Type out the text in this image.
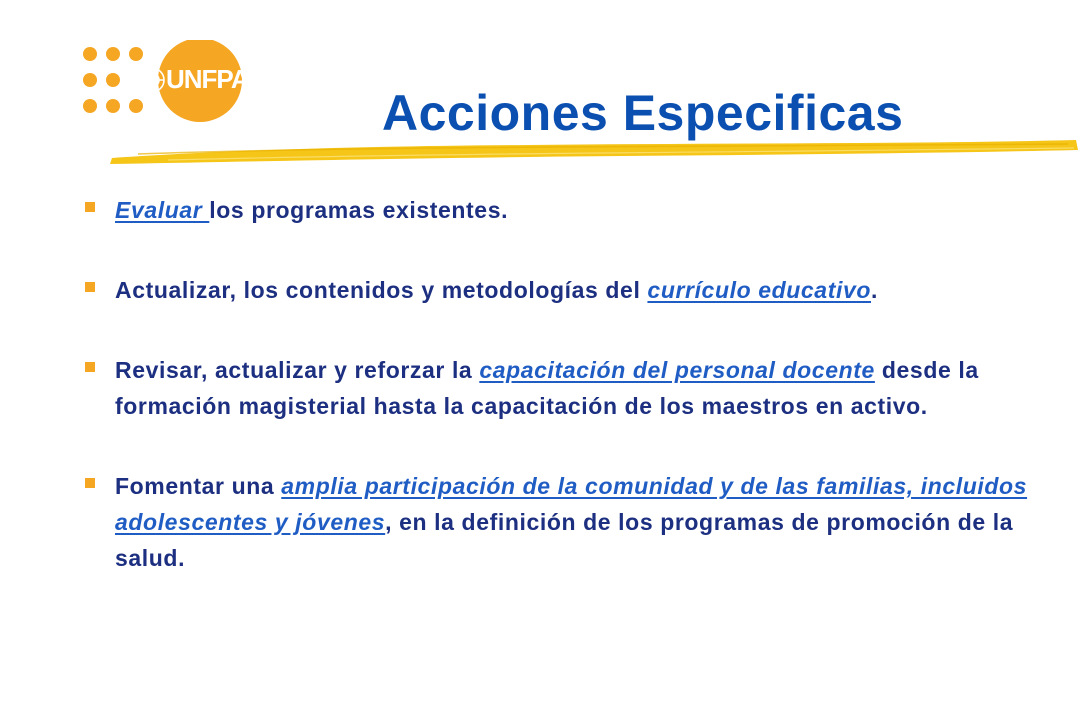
UNFPA
Acciones Especificas
Evaluar los programas existentes.
Actualizar, los contenidos y metodologías del currículo educativo.
Revisar, actualizar y reforzar la capacitación del personal docente desde la formación magisterial hasta la capacitación de los maestros en activo.
Fomentar una amplia participación de la comunidad y de las familias, incluidos adolescentes y jóvenes, en la definición de los programas de promoción de la salud.
